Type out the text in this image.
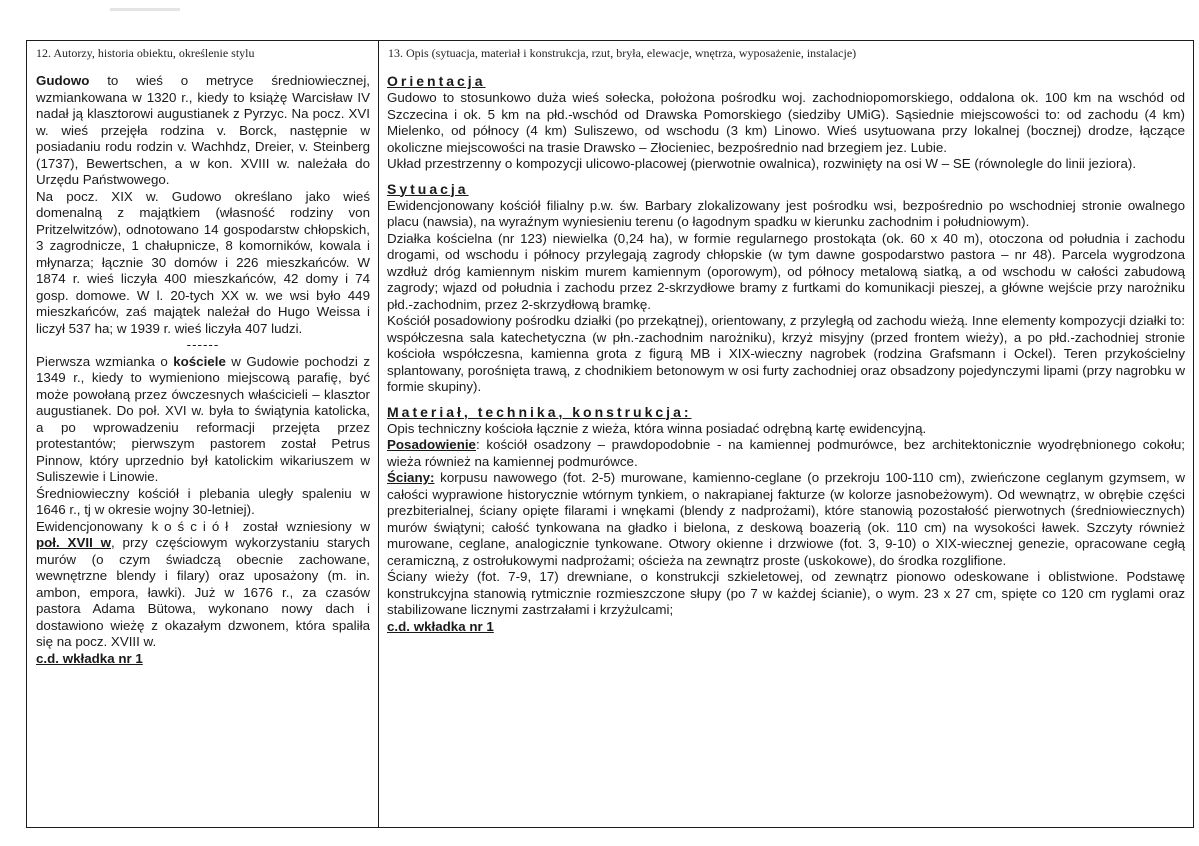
12. Autorzy, historia obiektu, określenie stylu

Gudowo to wieś o metryce średniowiecznej, wzmiankowana w 1320 r., kiedy to książę Warcisław IV nadał ją klasztorowi augustianek z Pyrzyc. Na pocz. XVI w. wieś przejęła rodzina v. Borck, następnie w posiadaniu rodu rodzin v. Wachhdz, Dreier, v. Steinberg (1737), Bewertschen, a w kon. XVIII w. należała do Urzędu Państwowego.

Na pocz. XIX w. Gudowo określano jako wieś domenalną z majątkiem (własność rodziny von Pritzelwitzów), odnotowano 14 gospodarstw chłopskich, 3 zagrodnicze, 1 chałupnicze, 8 komorników, kowala i młynarza; łącznie 30 domów i 226 mieszkańców. W 1874 r. wieś liczyła 400 mieszkańców, 42 domy i 74 gosp. domowe. W l. 20-tych XX w. we wsi było 449 mieszkańców, zaś majątek należał do Hugo Weissa i liczył 537 ha; w 1939 r. wieś liczyła 407 ludzi.

------

Pierwsza wzmianka o kościele w Gudowie pochodzi z 1349 r., kiedy to wymieniono miejscową parafię, być może powołaną przez ówczesnych właścicieli – klasztor augustianek. Do poł. XVI w. była to świątynia katolicka, a po wprowadzeniu reformacji przejęta przez protestantów; pierwszym pastorem został Petrus Pinnow, który uprzednio był katolickim wikariuszem w Suliszewie i Linowie.

Średniowieczny kościół i plebania uległy spaleniu w 1646 r., tj w okresie wojny 30-letniej).

Ewidencjonowany kościół został wzniesiony w poł. XVII w, przy częściowym wykorzystaniu starych murów (o czym świadczą obecnie zachowane, wewnętrzne blendy i filary) oraz uposażony (m. in. ambon, empora, ławki). Już w 1676 r., za czasów pastora Adama Bütowa, wykonano nowy dach i dostawiono wieżę z okazałym dzwonem, która spaliła się na pocz. XVIII w.

c.d. wkładka nr 1
13. Opis (sytuacja, materiał i konstrukcja, rzut, bryła, elewacje, wnętrza, wyposażenie, instalacje)

Orientacja

Gudowo to stosunkowo duża wieś sołecka, położona pośrodku woj. zachodniopomorskiego, oddalona ok. 100 km na wschód od Szczecina i ok. 5 km na płd.-wschód od Drawska Pomorskiego (siedziby UMiG). Sąsiednie miejscowości to: od zachodu (4 km) Mielenko, od północy (4 km) Suliszewo, od wschodu (3 km) Linowo. Wieś usytuowana przy lokalnej (bocznej) drodze, łączące okoliczne miejscowości na trasie Drawsko – Złocieniec, bezpośrednio nad brzegiem jez. Lubie.

Układ przestrzenny o kompozycji ulicowo-placowej (pierwotnie owalnica), rozwinięty na osi W – SE (równolegle do linii jeziora).

Sytuacja

Ewidencjonowany kościół filialny p.w. św. Barbary zlokalizowany jest pośrodku wsi, bezpośrednio po wschodniej stronie owalnego placu (nawsia), na wyraźnym wyniesieniu terenu (o łagodnym spadku w kierunku zachodnim i południowym).

Działka kościelna (nr 123) niewielka (0,24 ha), w formie regularnego prostokąta (ok. 60 x 40 m), otoczona od południa i zachodu drogami, od wschodu i północy przylegają zagrody chłopskie (w tym dawne gospodarstwo pastora – nr 48). Parcela wygrodzona wzdłuż dróg kamiennym niskim murem kamiennym (oporowym), od północy metalową siatką, a od wschodu w całości zabudową zagrody; wjazd od południa i zachodu przez 2-skrzydłowe bramy z furtkami do komunikacji pieszej, a główne wejście przy narożniku płd.-zachodnim, przez 2-skrzydłową bramkę.

Kościół posadowiony pośrodku działki (po przekątnej), orientowany, z przyległą od zachodu wieżą. Inne elementy kompozycji działki to: współczesna sala katechetyczna (w płn.-zachodnim narożniku), krzyż misyjny (przed frontem wieży), a po płd.-zachodniej stronie kościoła współczesna, kamienna grota z figurą MB i XIX-wieczny nagrobek (rodzina Grafsmann i Ockel). Teren przykościelny splantowany, porośnięta trawą, z chodnikiem betonowym w osi furty zachodniej oraz obsadzony pojedynczymi lipami (przy nagrobku w formie skupiny).

Materiał, technika, konstrukcja:

Opis techniczny kościoła łącznie z wieża, która winna posiadać odrębną kartę ewidencyjną.

Posadowienie: kościół osadzony – prawdopodobnie - na kamiennej podmurówce, bez architektonicznie wyodrębnionego cokołu; wieża również na kamiennej podmurówce.

Ściany: korpusu nawowego (fot. 2-5) murowane, kamienno-ceglane (o przekroju 100-110 cm), zwieńczone ceglanym gzymsem, w całości wyprawione historycznie wtórnym tynkiem, o nakrapianej fakturze (w kolorze jasnobeżowym). Od wewnątrz, w obrębie części prezbiterialnej, ściany opięte filarami i wnękami (blendy z nadprożami), które stanowią pozostałość pierwotnych (średniowiecznych) murów świątyni; całość tynkowana na gładko i bielona, z deskową boazerią (ok. 110 cm) na wysokości ławek. Szczyty również murowane, ceglane, analogicznie tynkowane. Otwory okienne i drzwiowe (fot. 3, 9-10) o XIX-wiecznej genezie, opracowane cegłą ceramiczną, z ostrołukowymi nadprożami; ościeża na zewnątrz proste (uskokowe), do środka rozglifione.

Ściany wieży (fot. 7-9, 17) drewniane, o konstrukcji szkieletowej, od zewnątrz pionowo odeskowane i oblistwione. Podstawę konstrukcyjna stanowią rytmicznie rozmieszczone słupy (po 7 w każdej ścianie), o wym. 23 x 27 cm, spięte co 120 cm ryglami oraz stabilizowane licznymi zastrzałami i krzyżulcami;

c.d. wkładka nr 1
